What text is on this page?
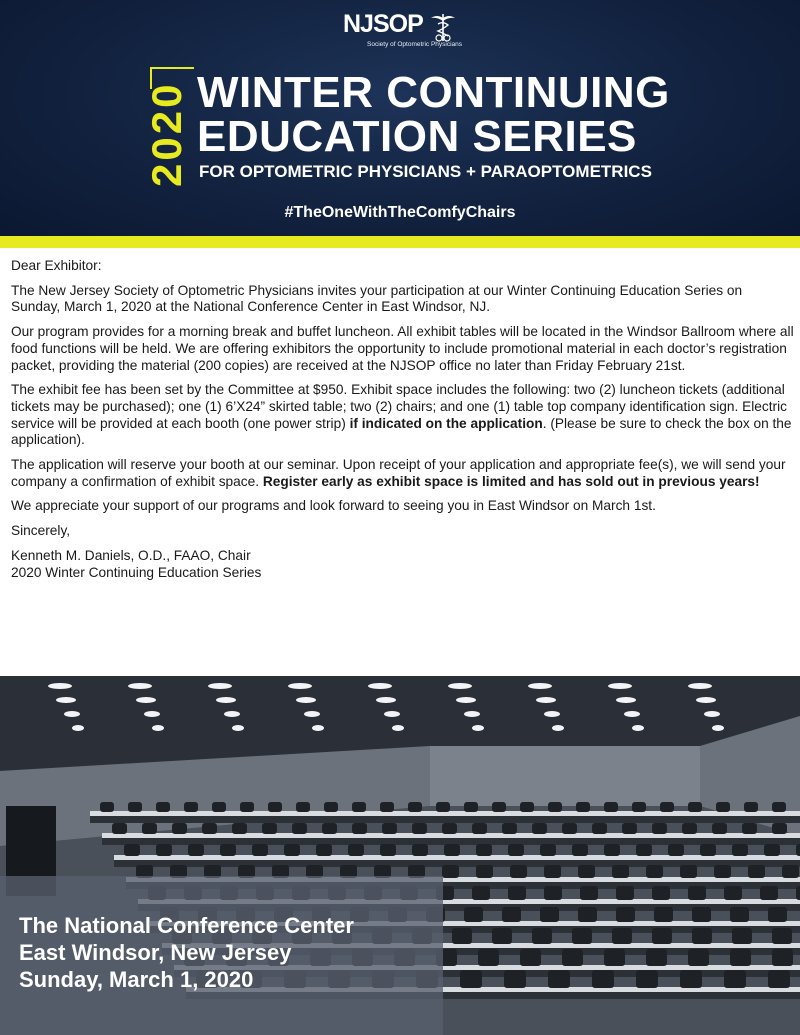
NJSOP
Society of Optometric Physicians
2020 WINTER CONTINUING
EDUCATION SERIES
FOR OPTOMETRIC PHYSICIANS + PARAOPTOMETRICS
#TheOneWithTheComfyChairs

Dear Exhibitor:

The New Jersey Society of Optometric Physicians invites your participation at our Winter Continuing Education Series on Sunday, March 1, 2020 at the National Conference Center in East Windsor, NJ.

Our program provides for a morning break and buffet luncheon. All exhibit tables will be located in the Windsor Ballroom where all food functions will be held. We are offering exhibitors the opportunity to include promotional material in each doctor’s registration packet, providing the material (200 copies) are received at the NJSOP office no later than Friday February 21st.

The exhibit fee has been set by the Committee at $950. Exhibit space includes the following: two (2) luncheon tickets (additional tickets may be purchased); one (1) 6’X24” skirted table; two (2) chairs; and one (1) table top company identification sign. Electric service will be provided at each booth (one power strip) if indicated on the application. (Please be sure to check the box on the application).

The application will reserve your booth at our seminar. Upon receipt of your application and appropriate fee(s), we will send your company a confirmation of exhibit space. Register early as exhibit space is limited and has sold out in previous years!

We appreciate your support of our programs and look forward to seeing you in East Windsor on March 1st.

Sincerely,

Kenneth M. Daniels, O.D., FAAO, Chair
2020 Winter Continuing Education Series

The National Conference Center
East Windsor, New Jersey
Sunday, March 1, 2020
